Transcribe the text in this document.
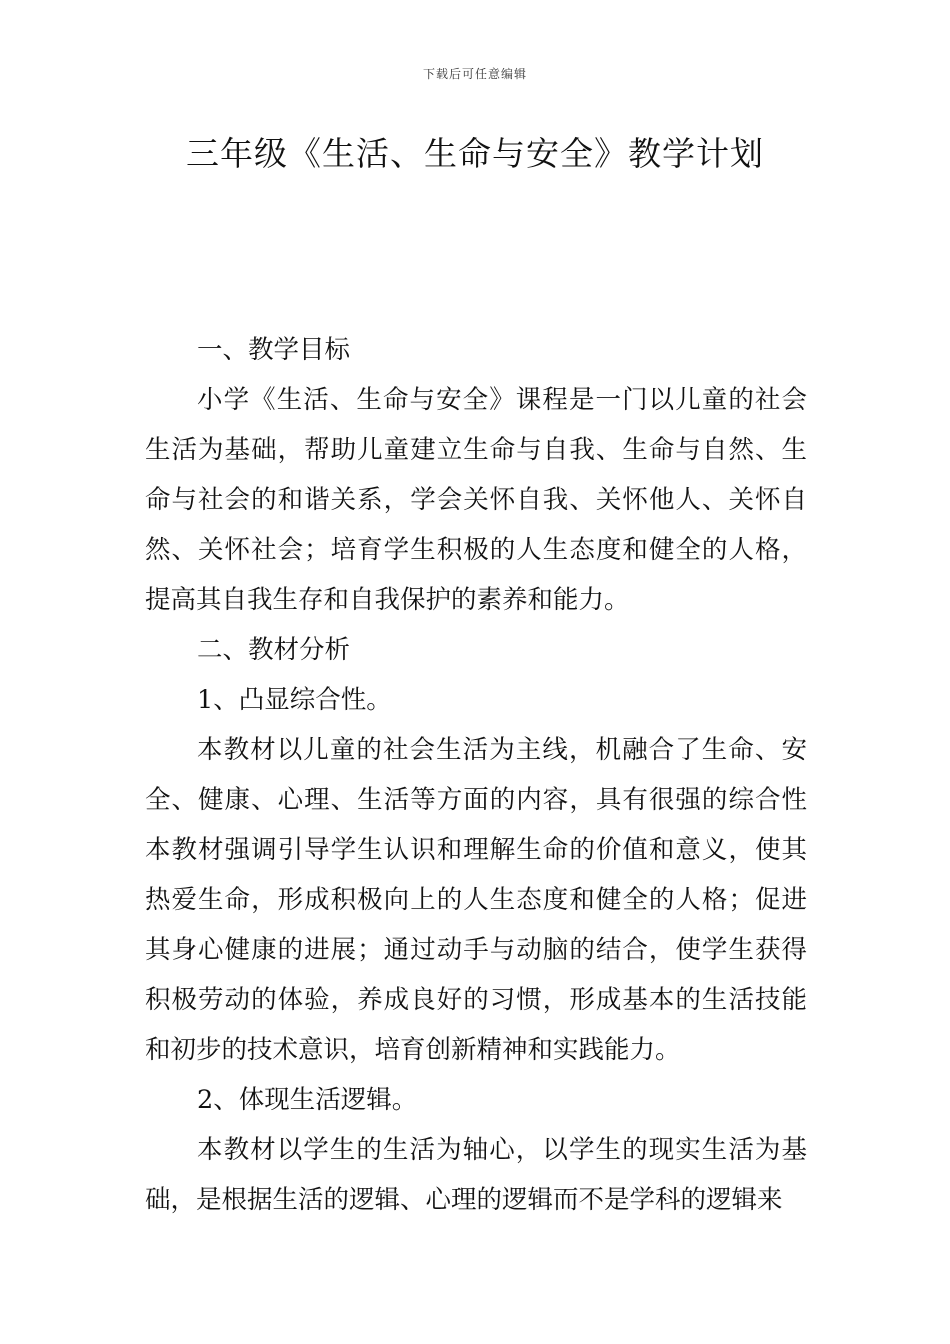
下载后可任意编辑
三年级《生活、生命与安全》教学计划

一、教学目标

小学《生活、生命与安全》课程是一门以儿童的社会生活为基础，帮助儿童建立生命与自我、生命与自然、生命与社会的和谐关系，学会关怀自我、关怀他人、关怀自然、关怀社会；培育学生积极的人生态度和健全的人格，提高其自我生存和自我保护的素养和能力。

二、教材分析

1、凸显综合性。

本教材以儿童的社会生活为主线，机融合了生命、安全、健康、心理、生活等方面的内容，具有很强的综合性本教材强调引导学生认识和理解生命的价值和意义，使其热爱生命，形成积极向上的人生态度和健全的人格；促进其身心健康的进展；通过动手与动脑的结合，使学生获得积极劳动的体验，养成良好的习惯，形成基本的生活技能和初步的技术意识，培育创新精神和实践能力。

2、体现生活逻辑。

本教材以学生的生活为轴心，以学生的现实生活为基础，是根据生活的逻辑、心理的逻辑而不是学科的逻辑来
